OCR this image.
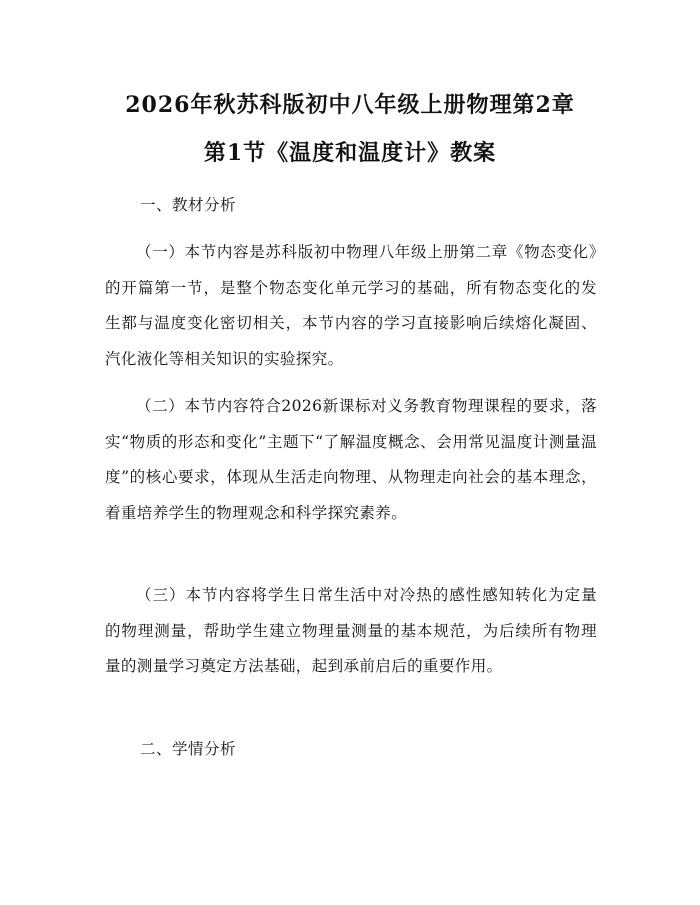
2026年秋苏科版初中八年级上册物理第2章
第1节《温度和温度计》教案
一、教材分析
（一）本节内容是苏科版初中物理八年级上册第二章《物态变化》的开篇第一节，是整个物态变化单元学习的基础，所有物态变化的发生都与温度变化密切相关，本节内容的学习直接影响后续熔化凝固、汽化液化等相关知识的实验探究。
（二）本节内容符合2026新课标对义务教育物理课程的要求，落实“物质的形态和变化”主题下“了解温度概念、会用常见温度计测量温度”的核心要求，体现从生活走向物理、从物理走向社会的基本理念，着重培养学生的物理观念和科学探究素养。
（三）本节内容将学生日常生活中对冷热的感性感知转化为定量的物理测量，帮助学生建立物理量测量的基本规范，为后续所有物理量的测量学习奠定方法基础，起到承前启后的重要作用。
二、学情分析
